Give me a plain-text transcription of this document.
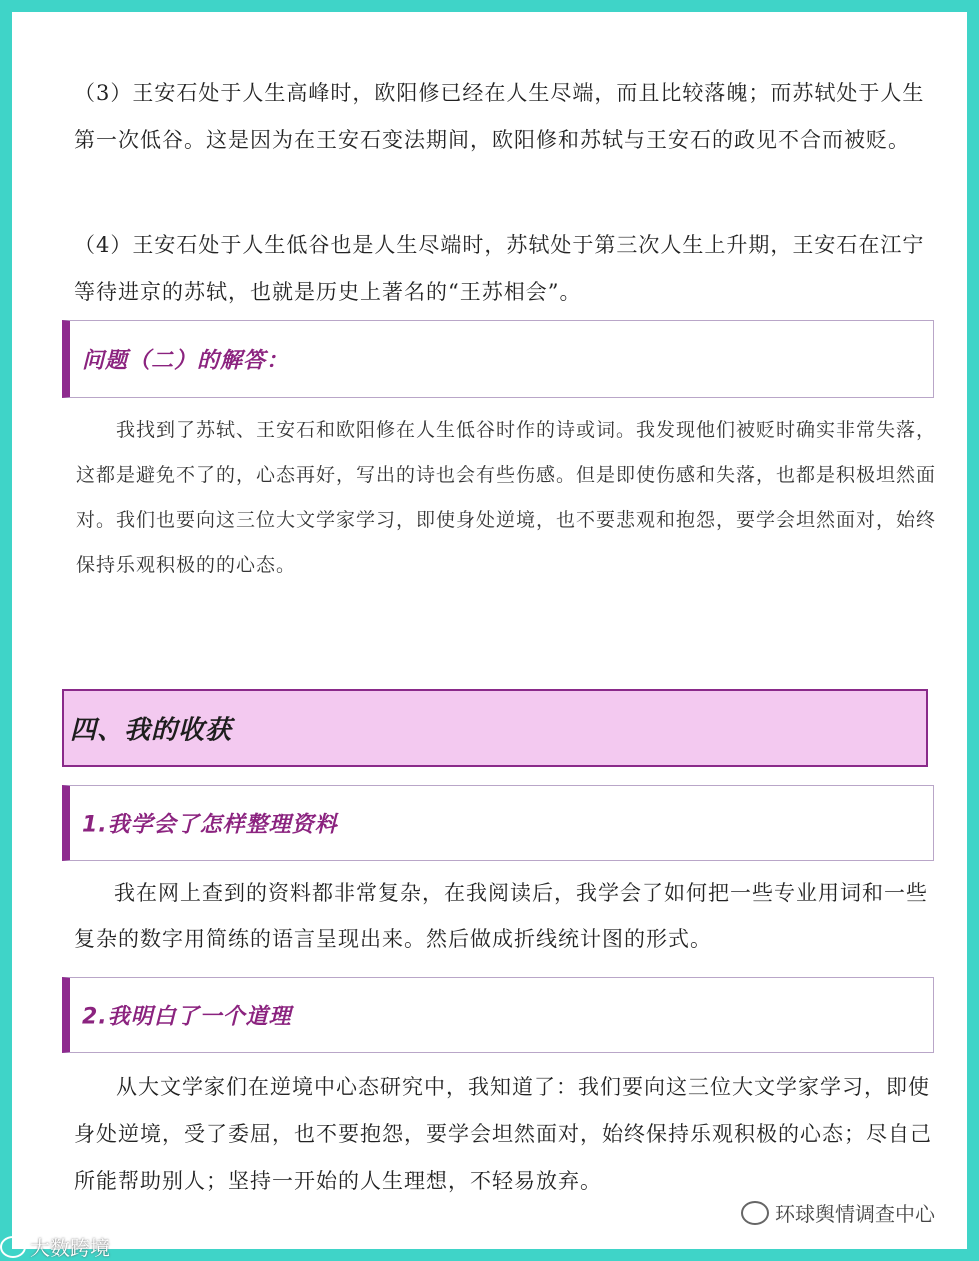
（3）王安石处于人生高峰时，欧阳修已经在人生尽端，而且比较落魄；而苏轼处于人生第一次低谷。这是因为在王安石变法期间，欧阳修和苏轼与王安石的政见不合而被贬。
（4）王安石处于人生低谷也是人生尽端时，苏轼处于第三次人生上升期，王安石在江宁等待进京的苏轼，也就是历史上著名的“王苏相会”。
问题（二）的解答：
我找到了苏轼、王安石和欧阳修在人生低谷时作的诗或词。我发现他们被贬时确实非常失落，这都是避免不了的，心态再好，写出的诗也会有些伤感。但是即使伤感和失落，也都是积极坦然面对。我们也要向这三位大文学家学习，即使身处逆境，也不要悲观和抱怨，要学会坦然面对，始终保持乐观积极的的心态。
四、我的收获
1.我学会了怎样整理资料
我在网上查到的资料都非常复杂，在我阅读后，我学会了如何把一些专业用词和一些复杂的数字用简练的语言呈现出来。然后做成折线统计图的形式。
2.我明白了一个道理
从大文学家们在逆境中心态研究中，我知道了：我们要向这三位大文学家学习，即使身处逆境，受了委屈，也不要抱怨，要学会坦然面对，始终保持乐观积极的心态；尽自己所能帮助别人；坚持一开始的人生理想，不轻易放弃。
环球舆情调查中心
大数跨境
